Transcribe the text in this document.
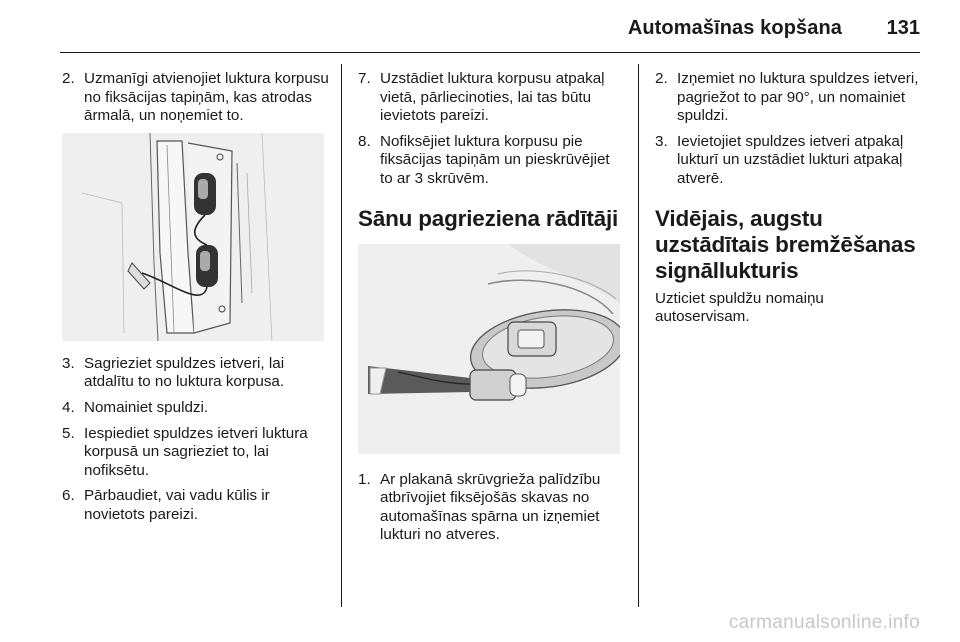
Automašīnas kopšana 131
2. Uzmanīgi atvienojiet luktura korpusu no fiksācijas tapiņām, kas atrodas ārmalā, un noņemiet to.
3. Sagrieziet spuldzes ietveri, lai atdalītu to no luktura korpusa.
4. Nomainiet spuldzi.
5. Iespiediet spuldzes ietveri luktura korpusā un sagrieziet to, lai nofiksētu.
6. Pārbaudiet, vai vadu kūlis ir novietots pareizi.
7. Uzstādiet luktura korpusu atpakaļ vietā, pārliecinoties, lai tas būtu ievietots pareizi.
8. Nofiksējiet luktura korpusu pie fiksācijas tapiņām un pieskrūvējiet to ar 3 skrūvēm.
Sānu pagrieziena rādītāji
1. Ar plakanā skrūvgrieža palīdzību atbrīvojiet fiksējošās skavas no automašīnas spārna un izņemiet lukturi no atveres.
2. Izņemiet no luktura spuldzes ietveri, pagriežot to par 90°, un nomainiet spuldzi.
3. Ievietojiet spuldzes ietveri atpakaļ lukturī un uzstādiet lukturi atpakaļ atverē.
Vidējais, augstu uzstādītais bremžēšanas signāllukturis

Uzticiet spuldžu nomaiņu autoservisam.

carmanualsonline.info
